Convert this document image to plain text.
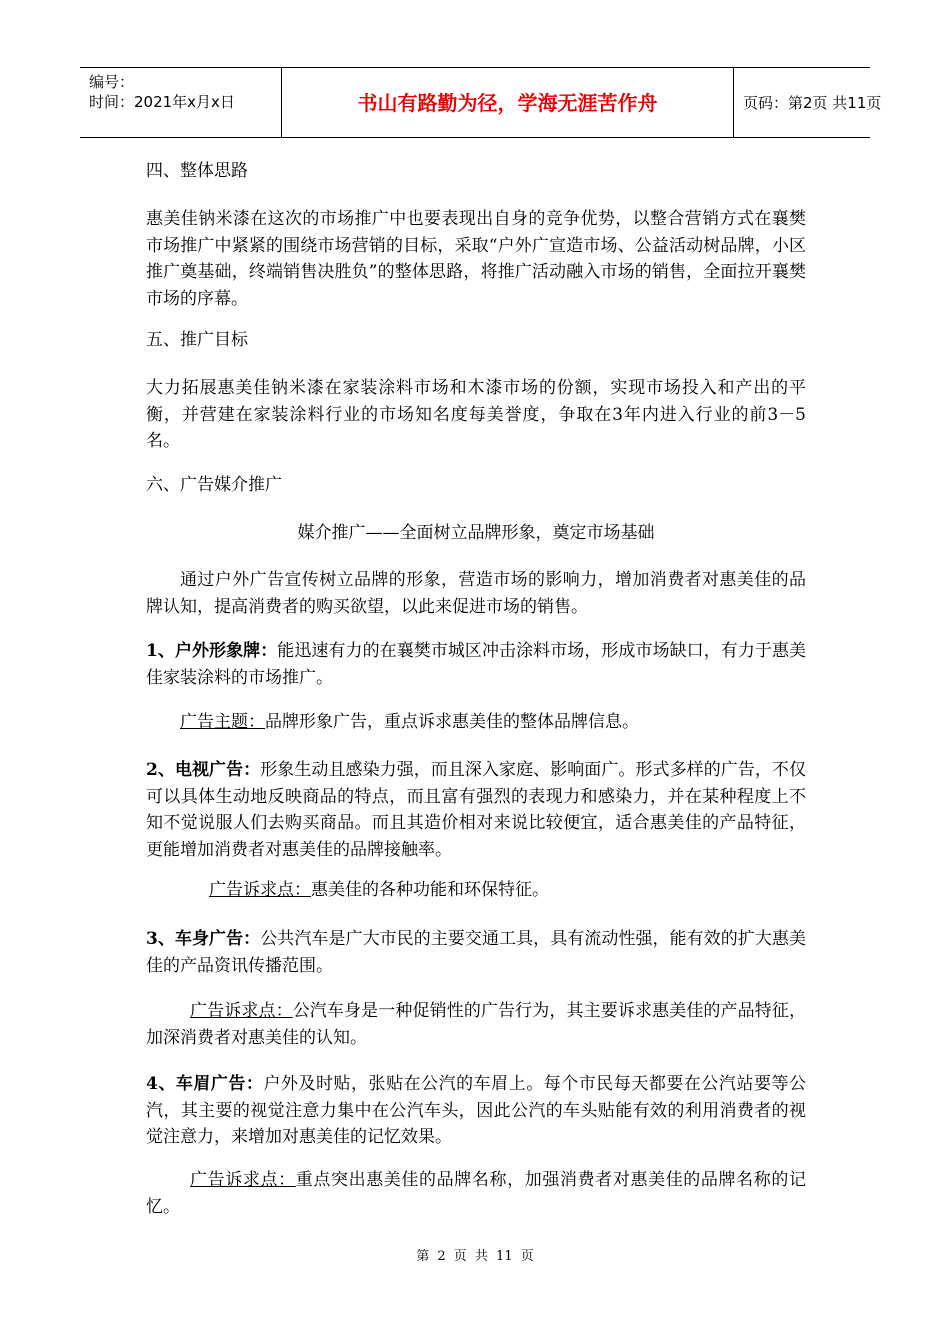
编号：
时间：2021年x月x日	书山有路勤为径，学海无涯苦作舟	页码：第2页 共11页

四、整体思路

惠美佳钠米漆在这次的市场推广中也要表现出自身的竞争优势，以整合营销方式在襄樊市场推广中紧紧的围绕市场营销的目标，采取“户外广宣造市场、公益活动树品牌，小区推广奠基础，终端销售决胜负”的整体思路，将推广活动融入市场的销售，全面拉开襄樊市场的序幕。

五、推广目标

大力拓展惠美佳钠米漆在家装涂料市场和木漆市场的份额，实现市场投入和产出的平衡，并营建在家装涂料行业的市场知名度每美誉度，争取在3年内进入行业的前3－5名。

六、广告媒介推广

媒介推广——全面树立品牌形象，奠定市场基础

通过户外广告宣传树立品牌的形象，营造市场的影响力，增加消费者对惠美佳的品牌认知，提高消费者的购买欲望，以此来促进市场的销售。

1、户外形象牌：能迅速有力的在襄樊市城区冲击涂料市场，形成市场缺口，有力于惠美佳家装涂料的市场推广。

广告主题：品牌形象广告，重点诉求惠美佳的整体品牌信息。

2、电视广告：形象生动且感染力强，而且深入家庭、影响面广。形式多样的广告，不仅可以具体生动地反映商品的特点，而且富有强烈的表现力和感染力，并在某种程度上不知不觉说服人们去购买商品。而且其造价相对来说比较便宜，适合惠美佳的产品特征，更能增加消费者对惠美佳的品牌接触率。

广告诉求点：惠美佳的各种功能和环保特征。

3、车身广告：公共汽车是广大市民的主要交通工具，具有流动性强，能有效的扩大惠美佳的产品资讯传播范围。

广告诉求点：公汽车身是一种促销性的广告行为，其主要诉求惠美佳的产品特征，加深消费者对惠美佳的认知。

4、车眉广告：户外及时贴，张贴在公汽的车眉上。每个市民每天都要在公汽站要等公汽，其主要的视觉注意力集中在公汽车头，因此公汽的车头贴能有效的利用消费者的视觉注意力，来增加对惠美佳的记忆效果。

广告诉求点：重点突出惠美佳的品牌名称，加强消费者对惠美佳的品牌名称的记忆。

第 2 页 共 11 页
